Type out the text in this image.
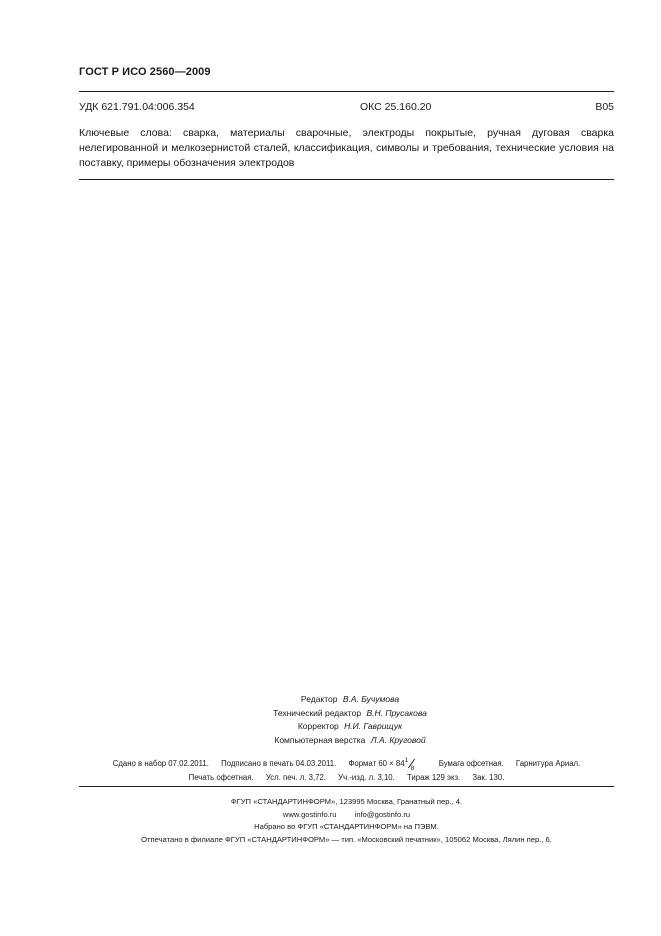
ГОСТ Р ИСО 2560—2009
УДК 621.791.04:006.354	ОКС 25.160.20	В05
Ключевые слова: сварка, материалы сварочные, электроды покрытые, ручная дуговая сварка нелегированной и мелкозернистой сталей, классификация, символы и требования, технические условия на поставку, примеры обозначения электродов
Редактор В.А. Бучумова
Технический редактор В.Н. Прусакова
Корректор Н.И. Гаврищук
Компьютерная верстка Л.А. Круговой
Сдано в набор 07.02.2011. Подписано в печать 04.03.2011. Формат 60 × 84 1
8
Бумага офсетная. Гарнитура Ариал.
Печать офсетная. Усл. печ. л. 3,72. Уч.-изд. л. 3,10. Тираж 129 экз. Зак. 130.
ФГУП «СТАНДАРТИНФОРМ», 123995 Москва, Гранатный пер., 4.
www.gostinfo.ru info@gostinfo.ru
Набрано во ФГУП «СТАНДАРТИНФОРМ» на ПЭВМ.
Отпечатано в филиале ФГУП «СТАНДАРТИНФОРМ» — тип. «Московский печатник», 105062 Москва, Лялин пер., 6.
